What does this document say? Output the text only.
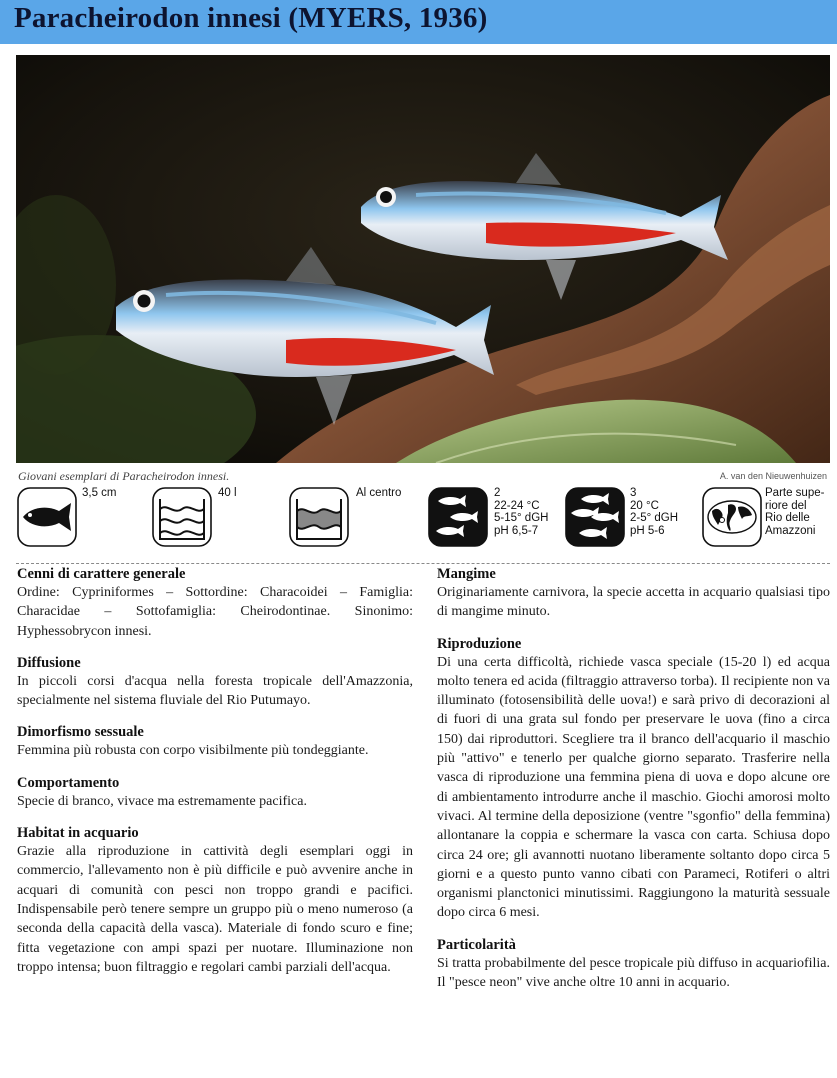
Paracheirodon innesi (MYERS, 1936)
Giovani esemplari di Paracheirodon innesi.	A. van den Nieuwenhuizen
3,5 cm	40 l	Al centro	2
22-24 °C
5-15° dGH
pH 6,5-7
3
20 °C
2-5° dGH
pH 5-6
Parte supe-
riore del
Rio delle
Amazzoni
Cenni di carattere generale

Ordine: Cypriniformes – Sottordine: Characoidei – Famiglia: Characidae – Sottofamiglia: Cheirodontinae. Sinonimo: Hyphessobrycon innesi.

Diffusione

In piccoli corsi d'acqua nella foresta tropicale dell'Amazzonia, specialmente nel sistema fluviale del Rio Putumayo.

Dimorfismo sessuale

Femmina più robusta con corpo visibilmente più tondeggiante.

Comportamento

Specie di branco, vivace ma estremamente pacifica.

Habitat in acquario

Grazie alla riproduzione in cattività degli esemplari oggi in commercio, l'allevamento non è più difficile e può avvenire anche in acquari di comunità con pesci non troppo grandi e pacifici. Indispensabile però tenere sempre un gruppo più o meno numeroso (a seconda della capacità della vasca). Materiale di fondo scuro e fine; fitta vegetazione con ampi spazi per nuotare. Illuminazione non troppo intensa; buon filtraggio e regolari cambi parziali dell'acqua.

Mangime

Originariamente carnivora, la specie accetta in acquario qualsiasi tipo di mangime minuto.

Riproduzione

Di una certa difficoltà, richiede vasca speciale (15-20 l) ed acqua molto tenera ed acida (filtraggio attraverso torba). Il recipiente non va illuminato (fotosensibilità delle uova!) e sarà privo di decorazioni al di fuori di una grata sul fondo per preservare le uova (fino a circa 150) dai riproduttori. Scegliere tra il branco dell'acquario il maschio più "attivo" e tenerlo per qualche giorno separato. Trasferire nella vasca di riproduzione una femmina piena di uova e dopo alcune ore di ambientamento introdurre anche il maschio. Giochi amorosi molto vivaci. Al termine della deposizione (ventre "sgonfio" della femmina) allontanare la coppia e schermare la vasca con carta. Schiusa dopo circa 24 ore; gli avannotti nuotano liberamente soltanto dopo circa 5 giorni e a questo punto vanno cibati con Parameci, Rotiferi o altri organismi planctonici minutissimi. Raggiungono la maturità sessuale dopo circa 6 mesi.

Particolarità

Si tratta probabilmente del pesce tropicale più diffuso in acquariofilia. Il "pesce neon" vive anche oltre 10 anni in acquario.
